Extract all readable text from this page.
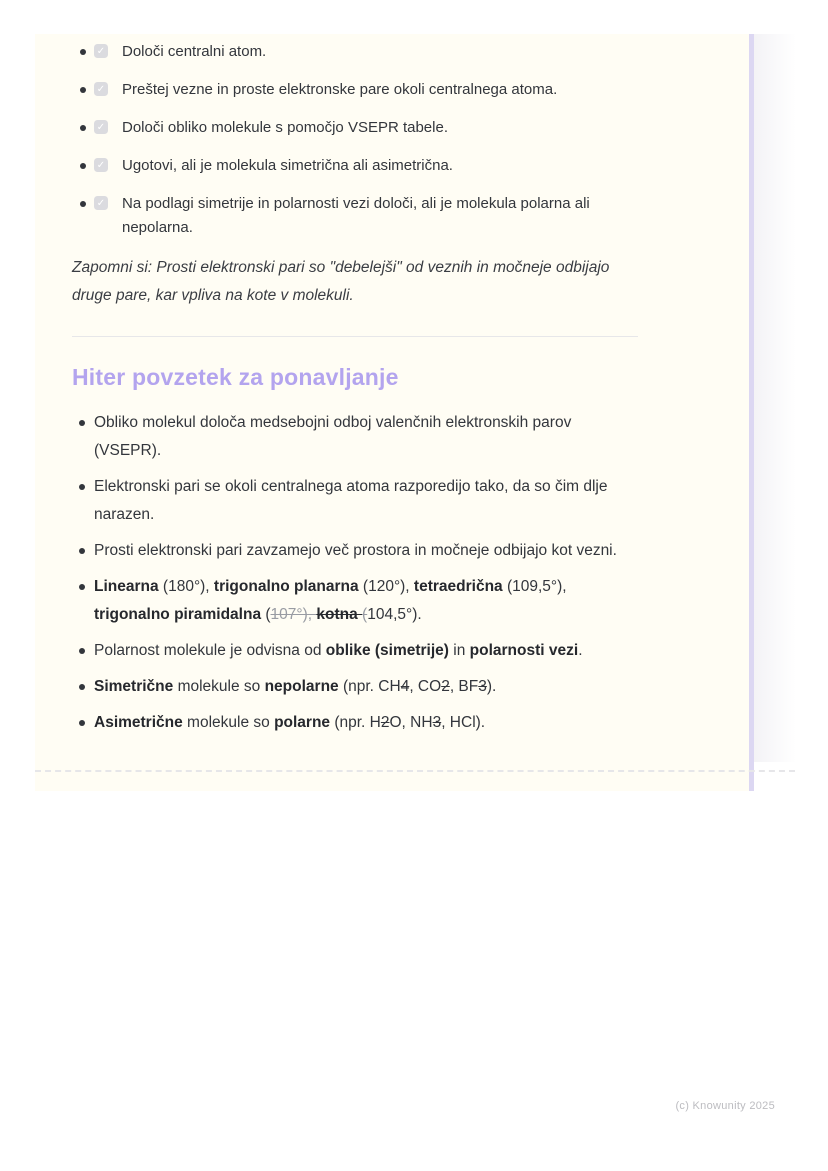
✓ Določi centralni atom.
✓ Preštej vezne in proste elektronske pare okoli centralnega atoma.
✓ Določi obliko molekule s pomočjo VSEPR tabele.
✓ Ugotovi, ali je molekula simetrična ali asimetrična.
✓ Na podlagi simetrije in polarnosti vezi določi, ali je molekula polarna ali nepolarna.

Zapomni si: Prosti elektronski pari so "debelejši" od veznih in močneje odbijajo druge pare, kar vpliva na kote v molekuli.

Hiter povzetek za ponavljanje
Obliko molekul določa medsebojni odboj valenčnih elektronskih parov (VSEPR).
Elektronski pari se okoli centralnega atoma razporedijo tako, da so čim dlje narazen.
Prosti elektronski pari zavzamejo več prostora in močneje odbijajo kot vezni.
Linearna (180°), trigonalno planarna (120°), tetraedrična (109,5°), trigonalno piramidalna (107°), kotna (104,5°).
Polarnost molekule je odvisna od oblike (simetrije) in polarnosti vezi.
Simetrične molekule so nepolarne (npr. CH4, CO2, BF3).
Asimetrične molekule so polarne (npr. H2O, NH3, HCl).
(c) Knowunity 2025
